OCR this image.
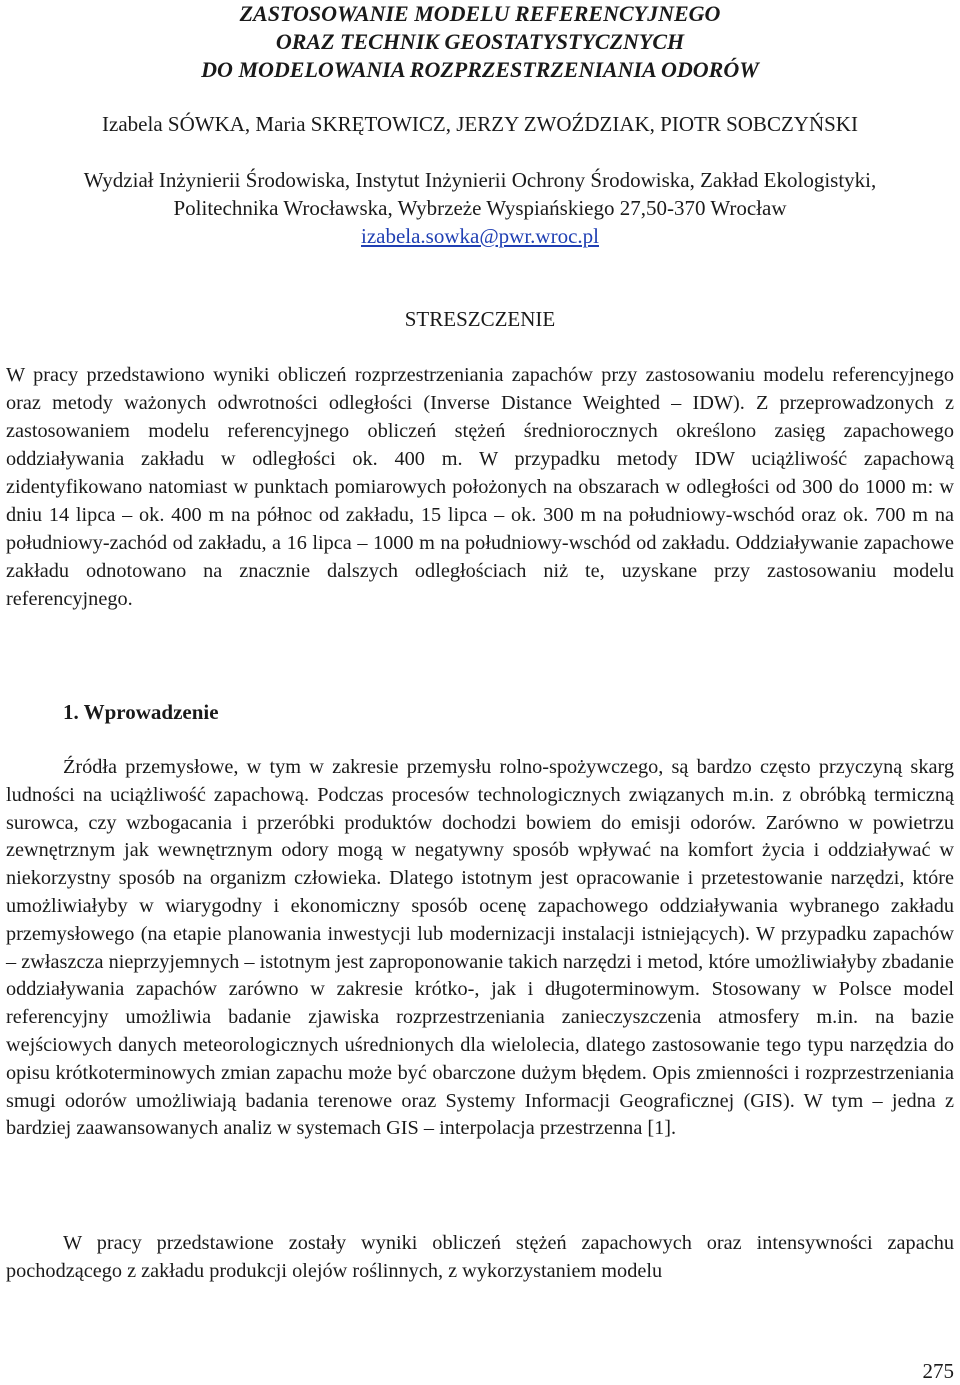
ZASTOSOWANIE MODELU REFERENCYJNEGO
ORAZ TECHNIK GEOSTATYSTYCZNYCH
DO MODELOWANIA ROZPRZESTRZENIANIA ODORÓW
Izabela SÓWKA, Maria SKRĘTOWICZ, JERZY ZWOŹDZIAK, PIOTR SOBCZYŃSKI
Wydział Inżynierii Środowiska, Instytut Inżynierii Ochrony Środowiska, Zakład Ekologistyki,
Politechnika Wrocławska, Wybrzeże Wyspiańskiego 27,50-370 Wrocław
izabela.sowka@pwr.wroc.pl
STRESZCZENIE

W pracy przedstawiono wyniki obliczeń rozprzestrzeniania zapachów przy zastosowaniu modelu referencyjnego oraz metody ważonych odwrotności odległości (Inverse Distance Weighted – IDW). Z przeprowadzonych z zastosowaniem modelu referencyjnego obliczeń stężeń średniorocznych określono zasięg zapachowego oddziaływania zakładu w odległości ok. 400 m. W przypadku metody IDW uciążliwość zapachową zidentyfikowano natomiast w punktach pomiarowych położonych na obszarach w odległości od 300 do 1000 m: w dniu 14 lipca – ok. 400 m na północ od zakładu, 15 lipca – ok. 300 m na południowy-wschód oraz ok. 700 m na południowy-zachód od zakładu, a 16 lipca – 1000 m na południowy-wschód od zakładu. Oddziaływanie zapachowe zakładu odnotowano na znacznie dalszych odległościach niż te, uzyskane przy zastosowaniu modelu referencyjnego.

1. Wprowadzenie

Źródła przemysłowe, w tym w zakresie przemysłu rolno-spożywczego, są bardzo często przyczyną skarg ludności na uciążliwość zapachową. Podczas procesów technologicznych związanych m.in. z obróbką termiczną surowca, czy wzbogacania i przeróbki produktów dochodzi bowiem do emisji odorów. Zarówno w powietrzu zewnętrznym jak wewnętrznym odory mogą w negatywny sposób wpływać na komfort życia i oddziaływać w niekorzystny sposób na organizm człowieka. Dlatego istotnym jest opracowanie i przetestowanie narzędzi, które umożliwiałyby w wiarygodny i ekonomiczny sposób ocenę zapachowego oddziaływania wybranego zakładu przemysłowego (na etapie planowania inwestycji lub modernizacji instalacji istniejących). W przypadku zapachów – zwłaszcza nieprzyjemnych – istotnym jest zaproponowanie takich narzędzi i metod, które umożliwiałyby zbadanie oddziaływania zapachów zarówno w zakresie krótko-, jak i długoterminowym. Stosowany w Polsce model referencyjny umożliwia badanie zjawiska rozprzestrzeniania zanieczyszczenia atmosfery m.in. na bazie wejściowych danych meteorologicznych uśrednionych dla wielolecia, dlatego zastosowanie tego typu narzędzia do opisu krótkoterminowych zmian zapachu może być obarczone dużym błędem. Opis zmienności i rozprzestrzeniania smugi odorów umożliwiają badania terenowe oraz Systemy Informacji Geograficznej (GIS). W tym – jedna z bardziej zaawansowanych analiz w systemach GIS – interpolacja przestrzenna [1].

W pracy przedstawione zostały wyniki obliczeń stężeń zapachowych oraz intensywności zapachu pochodzącego z zakładu produkcji olejów roślinnych, z wykorzystaniem modelu

275
